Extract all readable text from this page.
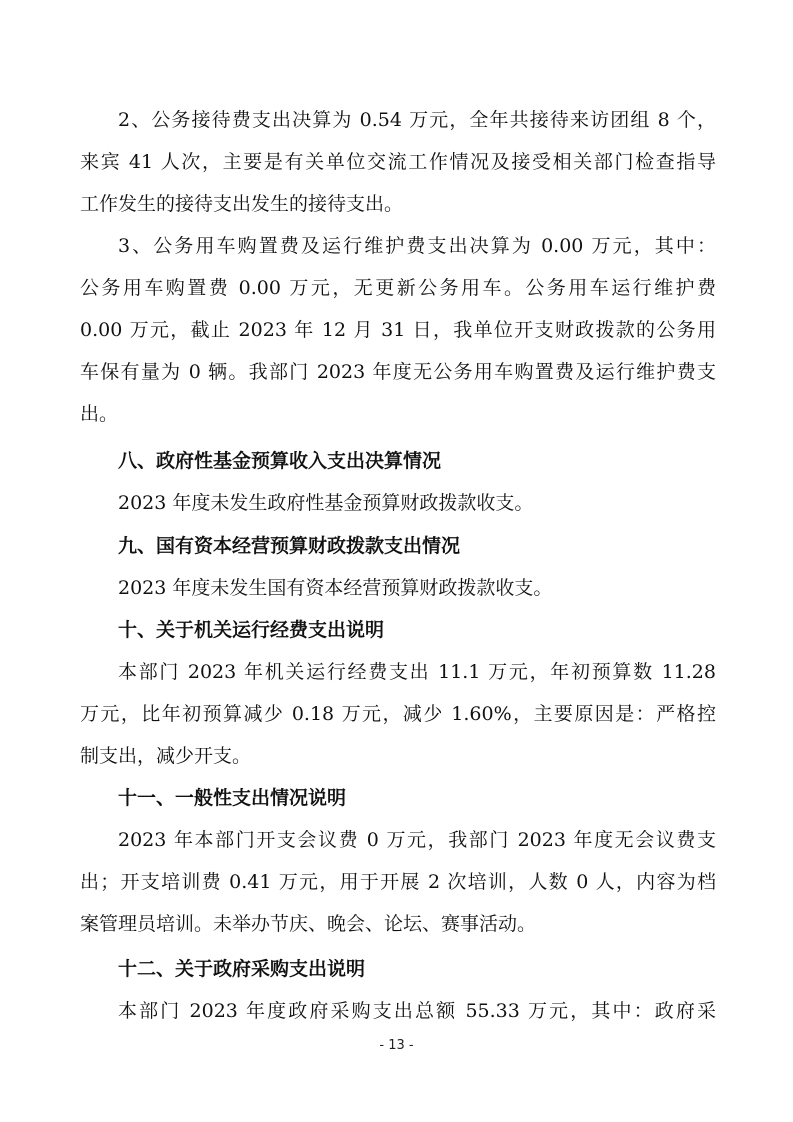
2、公务接待费支出决算为 0.54 万元，全年共接待来访团组 8 个，
来宾 41 人次，主要是有关单位交流工作情况及接受相关部门检查指导
工作发生的接待支出发生的接待支出。
3、公务用车购置费及运行维护费支出决算为 0.00 万元，其中：
公务用车购置费 0.00 万元，无更新公务用车。公务用车运行维护费
0.00 万元，截止 2023 年 12 月 31 日，我单位开支财政拨款的公务用
车保有量为 0 辆。我部门 2023 年度无公务用车购置费及运行维护费支
出。
八、政府性基金预算收入支出决算情况
2023 年度未发生政府性基金预算财政拨款收支。
九、国有资本经营预算财政拨款支出情况
2023 年度未发生国有资本经营预算财政拨款收支。
十、关于机关运行经费支出说明
本部门 2023 年机关运行经费支出 11.1 万元，年初预算数 11.28
万元，比年初预算减少 0.18 万元，减少 1.60%，主要原因是：严格控
制支出，减少开支。
十一、一般性支出情况说明
2023 年本部门开支会议费 0 万元，我部门 2023 年度无会议费支
出；开支培训费 0.41 万元，用于开展 2 次培训，人数 0 人，内容为档
案管理员培训。未举办节庆、晚会、论坛、赛事活动。
十二、关于政府采购支出说明
本部门 2023 年度政府采购支出总额 55.33 万元，其中：政府采
- 13 -
